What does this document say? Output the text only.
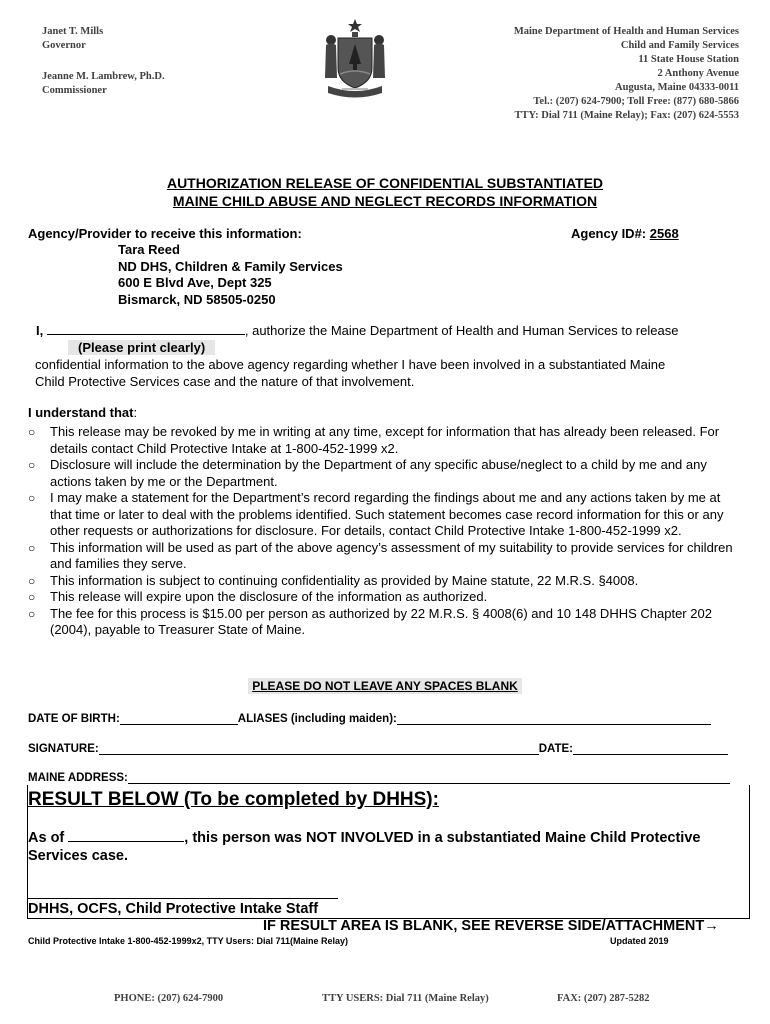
Janet T. Mills
Governor
Jeanne M. Lambrew, Ph.D.
Commissioner
Maine Department of Health and Human Services
Child and Family Services
11 State House Station
2 Anthony Avenue
Augusta, Maine 04333-0011
Tel.: (207) 624-7900; Toll Free: (877) 680-5866
TTY: Dial 711 (Maine Relay); Fax: (207) 624-5553
AUTHORIZATION RELEASE OF CONFIDENTIAL SUBSTANTIATED
MAINE CHILD ABUSE AND NEGLECT RECORDS INFORMATION
Agency/Provider to receive this information:	Agency ID#: 2568
Tara Reed
ND DHS, Children & Family Services
600 E Blvd Ave, Dept 325
Bismarck, ND 58505-0250
I,	, authorize the Maine Department of Health and Human Services to release
(Please print clearly)
confidential information to the above agency regarding whether I have been involved in a substantiated Maine
Child Protective Services case and the nature of that involvement.
I understand that:
○ This release may be revoked by me in writing at any time, except for information that has already been released. For details contact Child Protective Intake at 1-800-452-1999 x2.
○ Disclosure will include the determination by the Department of any specific abuse/neglect to a child by me and any actions taken by me or the Department.
○ I may make a statement for the Department’s record regarding the findings about me and any actions taken by me at that time or later to deal with the problems identified. Such statement becomes case record information for this or any other requests or authorizations for disclosure. For details, contact Child Protective Intake 1-800-452-1999 x2.
○ This information will be used as part of the above agency’s assessment of my suitability to provide services for children and families they serve.
○ This information is subject to continuing confidentiality as provided by Maine statute, 22 M.R.S. §4008.
○ This release will expire upon the disclosure of the information as authorized.
○ The fee for this process is $15.00 per person as authorized by 22 M.R.S. § 4008(6) and 10 148 DHHS Chapter 202 (2004), payable to Treasurer State of Maine.
PLEASE DO NOT LEAVE ANY SPACES BLANK
DATE OF BIRTH:	ALIASES (including maiden):
SIGNATURE:	DATE:
MAINE ADDRESS:
RESULT BELOW (To be completed by DHHS):
As of	, this person was NOT INVOLVED in a substantiated Maine Child Protective Services case.
DHHS, OCFS, Child Protective Intake Staff
IF RESULT AREA IS BLANK, SEE REVERSE SIDE/ATTACHMENT→
Child Protective Intake 1-800-452-1999x2, TTY Users: Dial 711(Maine Relay)	Updated 2019
PHONE: (207) 624-7900	TTY USERS: Dial 711 (Maine Relay)	FAX: (207) 287-5282
